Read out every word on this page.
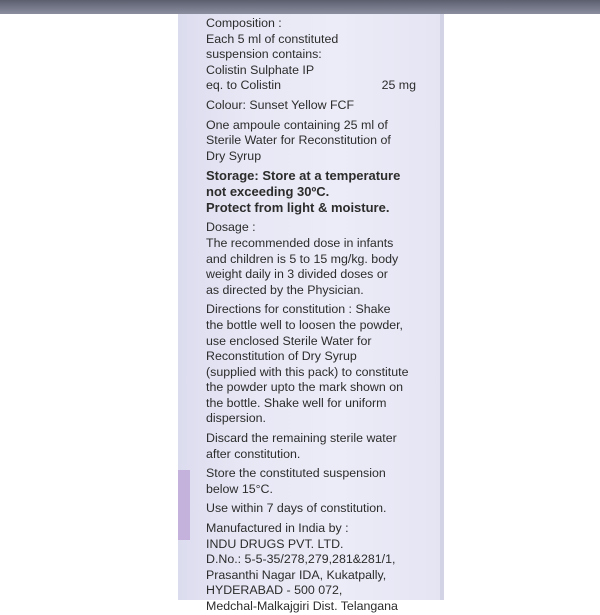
Composition :

Each 5 ml of constituted

suspension contains:

Colistin Sulphate IP

eq. to Colistin	25 mg

Colour: Sunset Yellow FCF

One ampoule containing 25 ml of

Sterile Water for Reconstitution of

Dry Syrup

Storage: Store at a temperature

not exceeding 30ºC.

Protect from light & moisture.

Dosage :

The recommended dose in infants

and children is 5 to 15 mg/kg. body

weight daily in 3 divided doses or

as directed by the Physician.

Directions for constitution : Shake

the bottle well to loosen the powder,

use enclosed Sterile Water for

Reconstitution of Dry Syrup

(supplied with this pack) to constitute

the powder upto the mark shown on

the bottle. Shake well for uniform

dispersion.

Discard the remaining sterile water

after constitution.

Store the constituted suspension

below 15°C.

Use within 7 days of constitution.

Manufactured in India by :

INDU DRUGS PVT. LTD.

D.No.: 5-5-35/278,279,281&281/1,

Prasanthi Nagar IDA, Kukatpally,

HYDERABAD - 500 072,

Medchal-Malkajgiri Dist. Telangana
